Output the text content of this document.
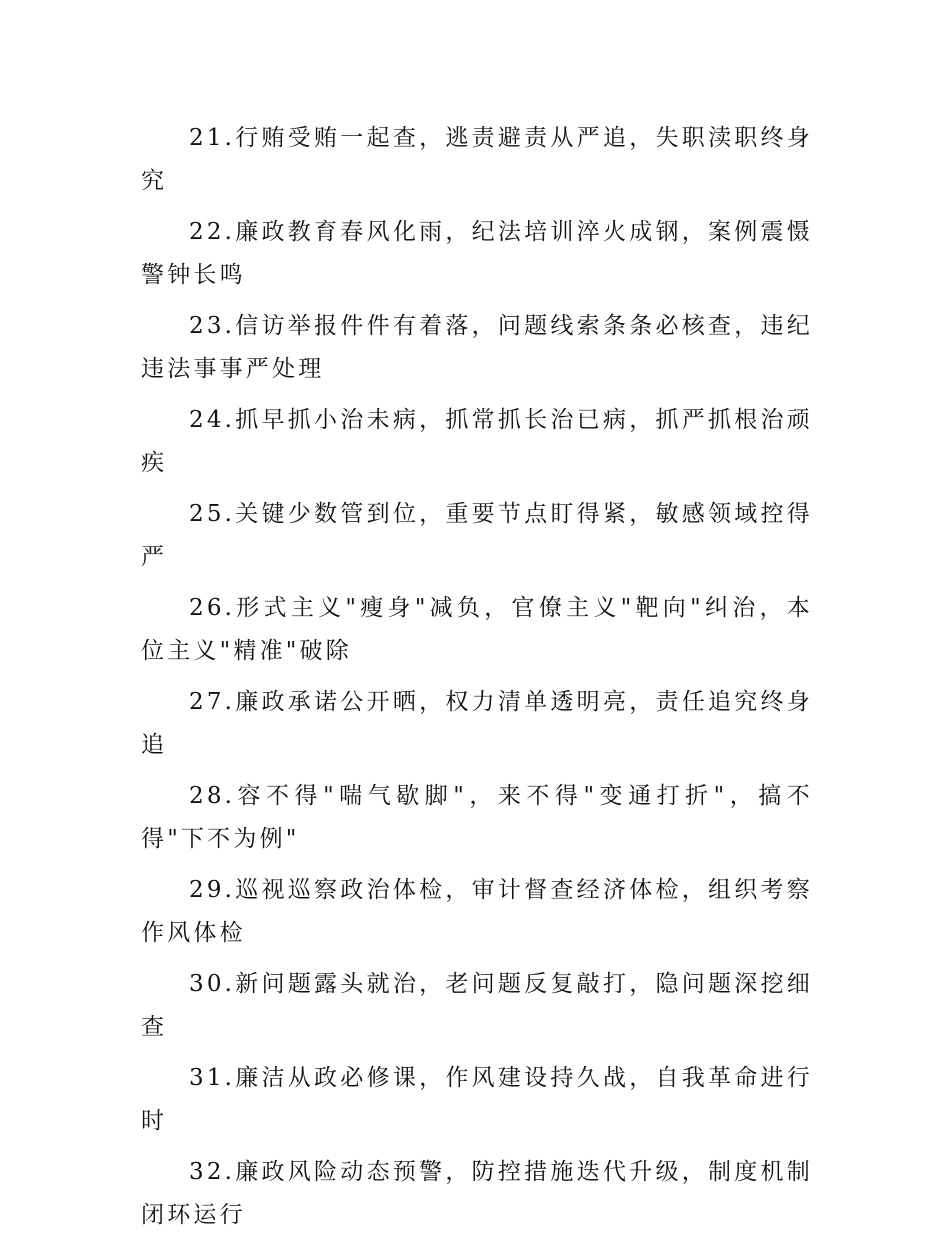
21.行贿受贿一起查，逃责避责从严追，失职渎职终身究

22.廉政教育春风化雨，纪法培训淬火成钢，案例震慑警钟长鸣

23.信访举报件件有着落，问题线索条条必核查，违纪违法事事严处理

24.抓早抓小治未病，抓常抓长治已病，抓严抓根治顽疾

25.关键少数管到位，重要节点盯得紧，敏感领域控得严

26.形式主义"瘦身"减负，官僚主义"靶向"纠治，本位主义"精准"破除

27.廉政承诺公开晒，权力清单透明亮，责任追究终身追

28.容不得"喘气歇脚"，来不得"变通打折"，搞不得"下不为例"

29.巡视巡察政治体检，审计督查经济体检，组织考察作风体检

30.新问题露头就治，老问题反复敲打，隐问题深挖细查

31.廉洁从政必修课，作风建设持久战，自我革命进行时

32.廉政风险动态预警，防控措施迭代升级，制度机制闭环运行
